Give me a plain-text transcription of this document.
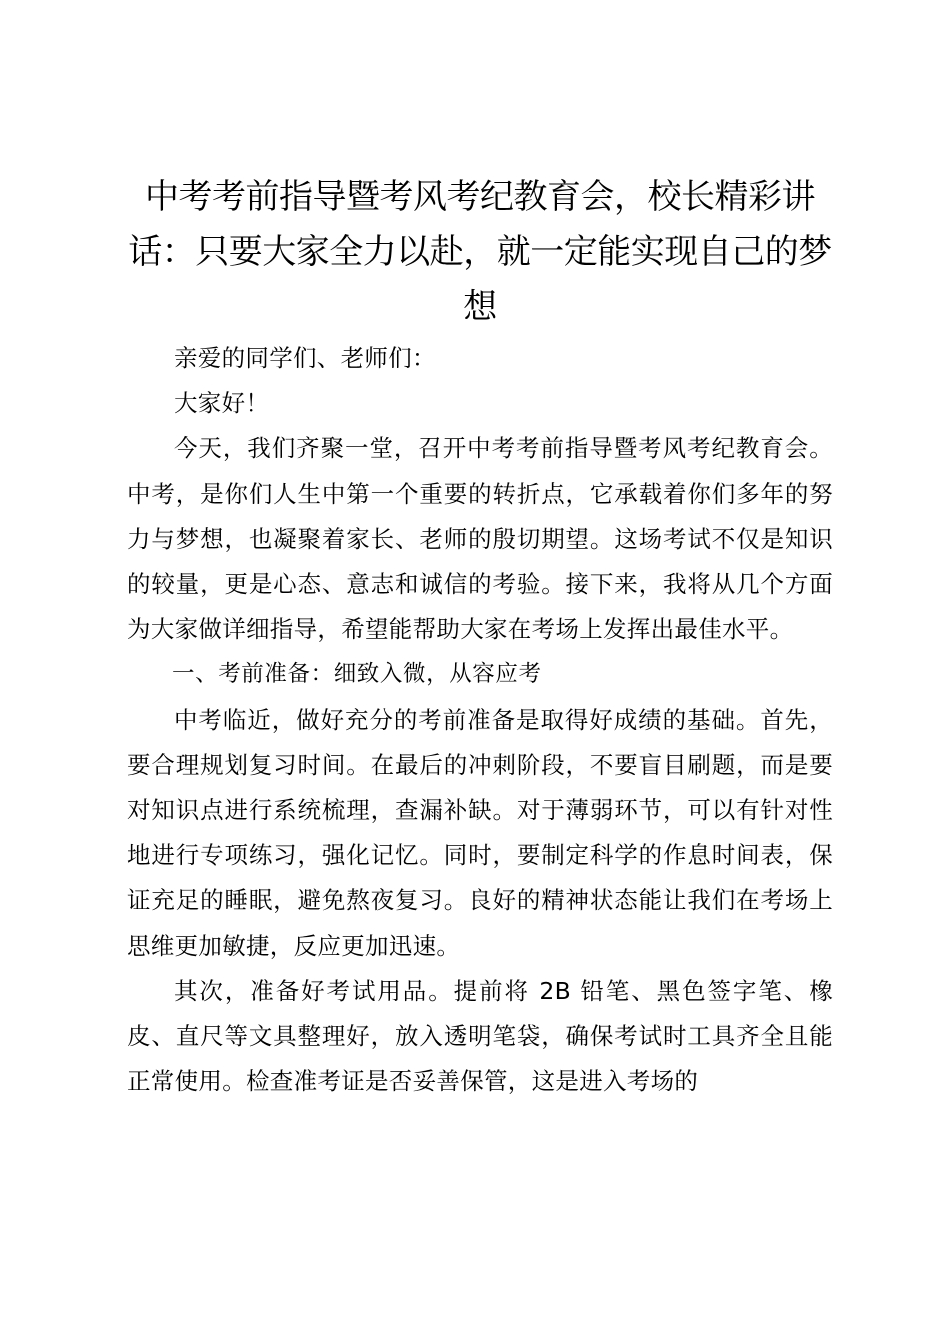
中考考前指导暨考风考纪教育会，校长精彩讲话：只要大家全力以赴，就一定能实现自己的梦想

亲爱的同学们、老师们：

大家好！

今天，我们齐聚一堂，召开中考考前指导暨考风考纪教育会。中考，是你们人生中第一个重要的转折点，它承载着你们多年的努力与梦想，也凝聚着家长、老师的殷切期望。这场考试不仅是知识的较量，更是心态、意志和诚信的考验。接下来，我将从几个方面为大家做详细指导，希望能帮助大家在考场上发挥出最佳水平。

一、考前准备：细致入微，从容应考

中考临近，做好充分的考前准备是取得好成绩的基础。首先，要合理规划复习时间。在最后的冲刺阶段，不要盲目刷题，而是要对知识点进行系统梳理，查漏补缺。对于薄弱环节，可以有针对性地进行专项练习，强化记忆。同时，要制定科学的作息时间表，保证充足的睡眠，避免熬夜复习。良好的精神状态能让我们在考场上思维更加敏捷，反应更加迅速。

其次，准备好考试用品。提前将 2B 铅笔、黑色签字笔、橡皮、直尺等文具整理好，放入透明笔袋，确保考试时工具齐全且能正常使用。检查准考证是否妥善保管，这是进入考场的
